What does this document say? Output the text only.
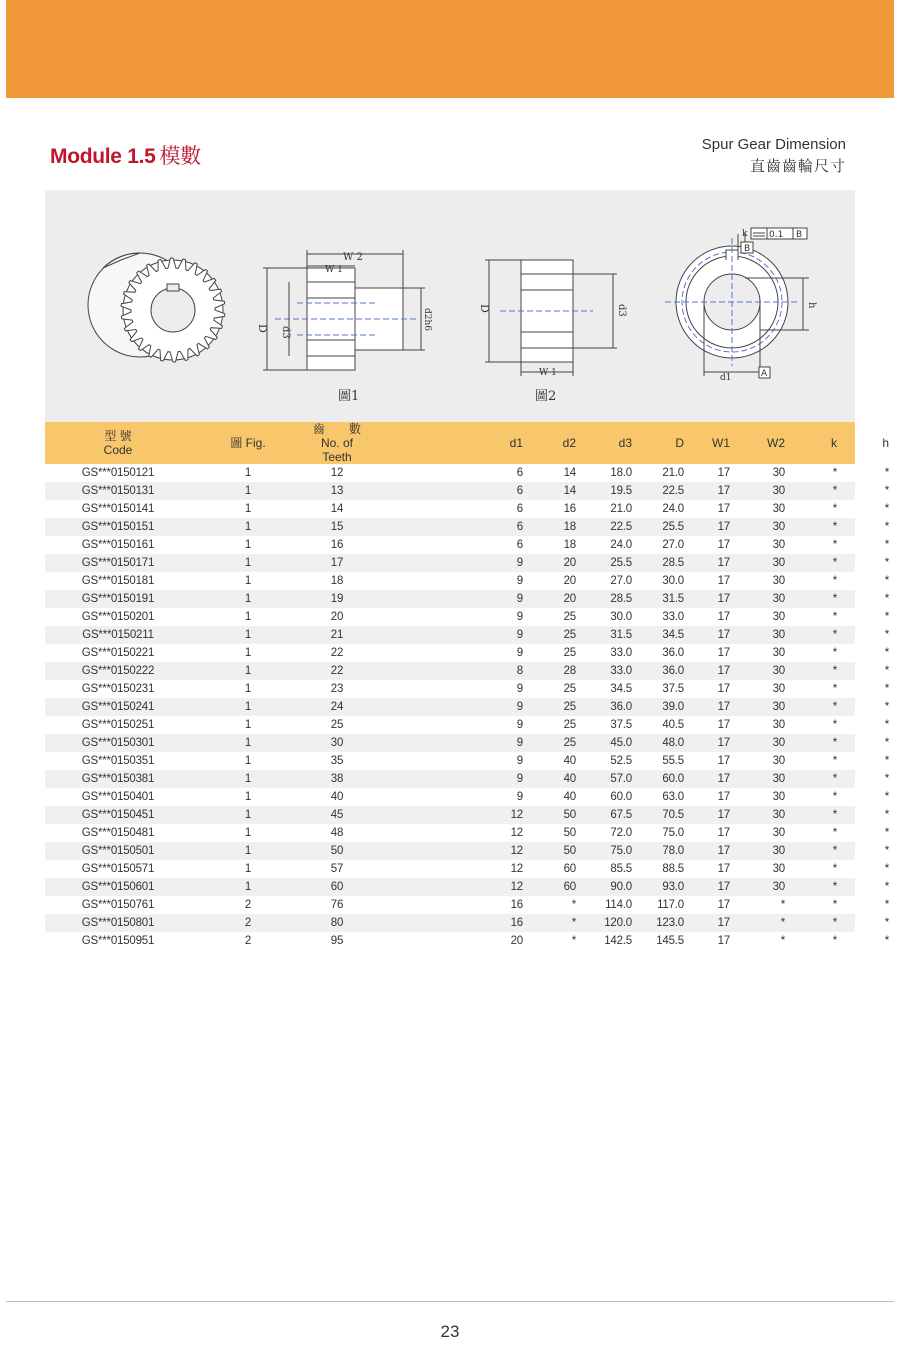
Module 1.5 模數
Spur Gear Dimension
直齒齒輪尺寸
W 2
W 1
D d3
d2h6	D	d3
W 1
k 0.1 B
B
h
d1	A
圖1	圖2
型 號
Code	圖 Fig.
齒　　數
No. of Teeth
d1	d2	d3	D	W1	W2	k	h
GS***0150121	1	12	6	14	18.0	21.0	17	30	*	*
GS***0150131	1	13	6	14	19.5	22.5	17	30	*	*
GS***0150141	1	14	6	16	21.0	24.0	17	30	*	*
GS***0150151	1	15	6	18	22.5	25.5	17	30	*	*
GS***0150161	1	16	6	18	24.0	27.0	17	30	*	*
GS***0150171	1	17	9	20	25.5	28.5	17	30	*	*
GS***0150181	1	18	9	20	27.0	30.0	17	30	*	*
GS***0150191	1	19	9	20	28.5	31.5	17	30	*	*
GS***0150201	1	20	9	25	30.0	33.0	17	30	*	*
GS***0150211	1	21	9	25	31.5	34.5	17	30	*	*
GS***0150221	1	22	9	25	33.0	36.0	17	30	*	*
GS***0150222	1	22	8	28	33.0	36.0	17	30	*	*
GS***0150231	1	23	9	25	34.5	37.5	17	30	*	*
GS***0150241	1	24	9	25	36.0	39.0	17	30	*	*
GS***0150251	1	25	9	25	37.5	40.5	17	30	*	*
GS***0150301	1	30	9	25	45.0	48.0	17	30	*	*
GS***0150351	1	35	9	40	52.5	55.5	17	30	*	*
GS***0150381	1	38	9	40	57.0	60.0	17	30	*	*
GS***0150401	1	40	9	40	60.0	63.0	17	30	*	*
GS***0150451	1	45	12	50	67.5	70.5	17	30	*	*
GS***0150481	1	48	12	50	72.0	75.0	17	30	*	*
GS***0150501	1	50	12	50	75.0	78.0	17	30	*	*
GS***0150571	1	57	12	60	85.5	88.5	17	30	*	*
GS***0150601	1	60	12	60	90.0	93.0	17	30	*	*
GS***0150761	2	76	16	*	114.0	117.0	17	*	*	*
GS***0150801	2	80	16	*	120.0	123.0	17	*	*	*
GS***0150951	2	95	20	*	142.5	145.5	17	*	*	*
23
